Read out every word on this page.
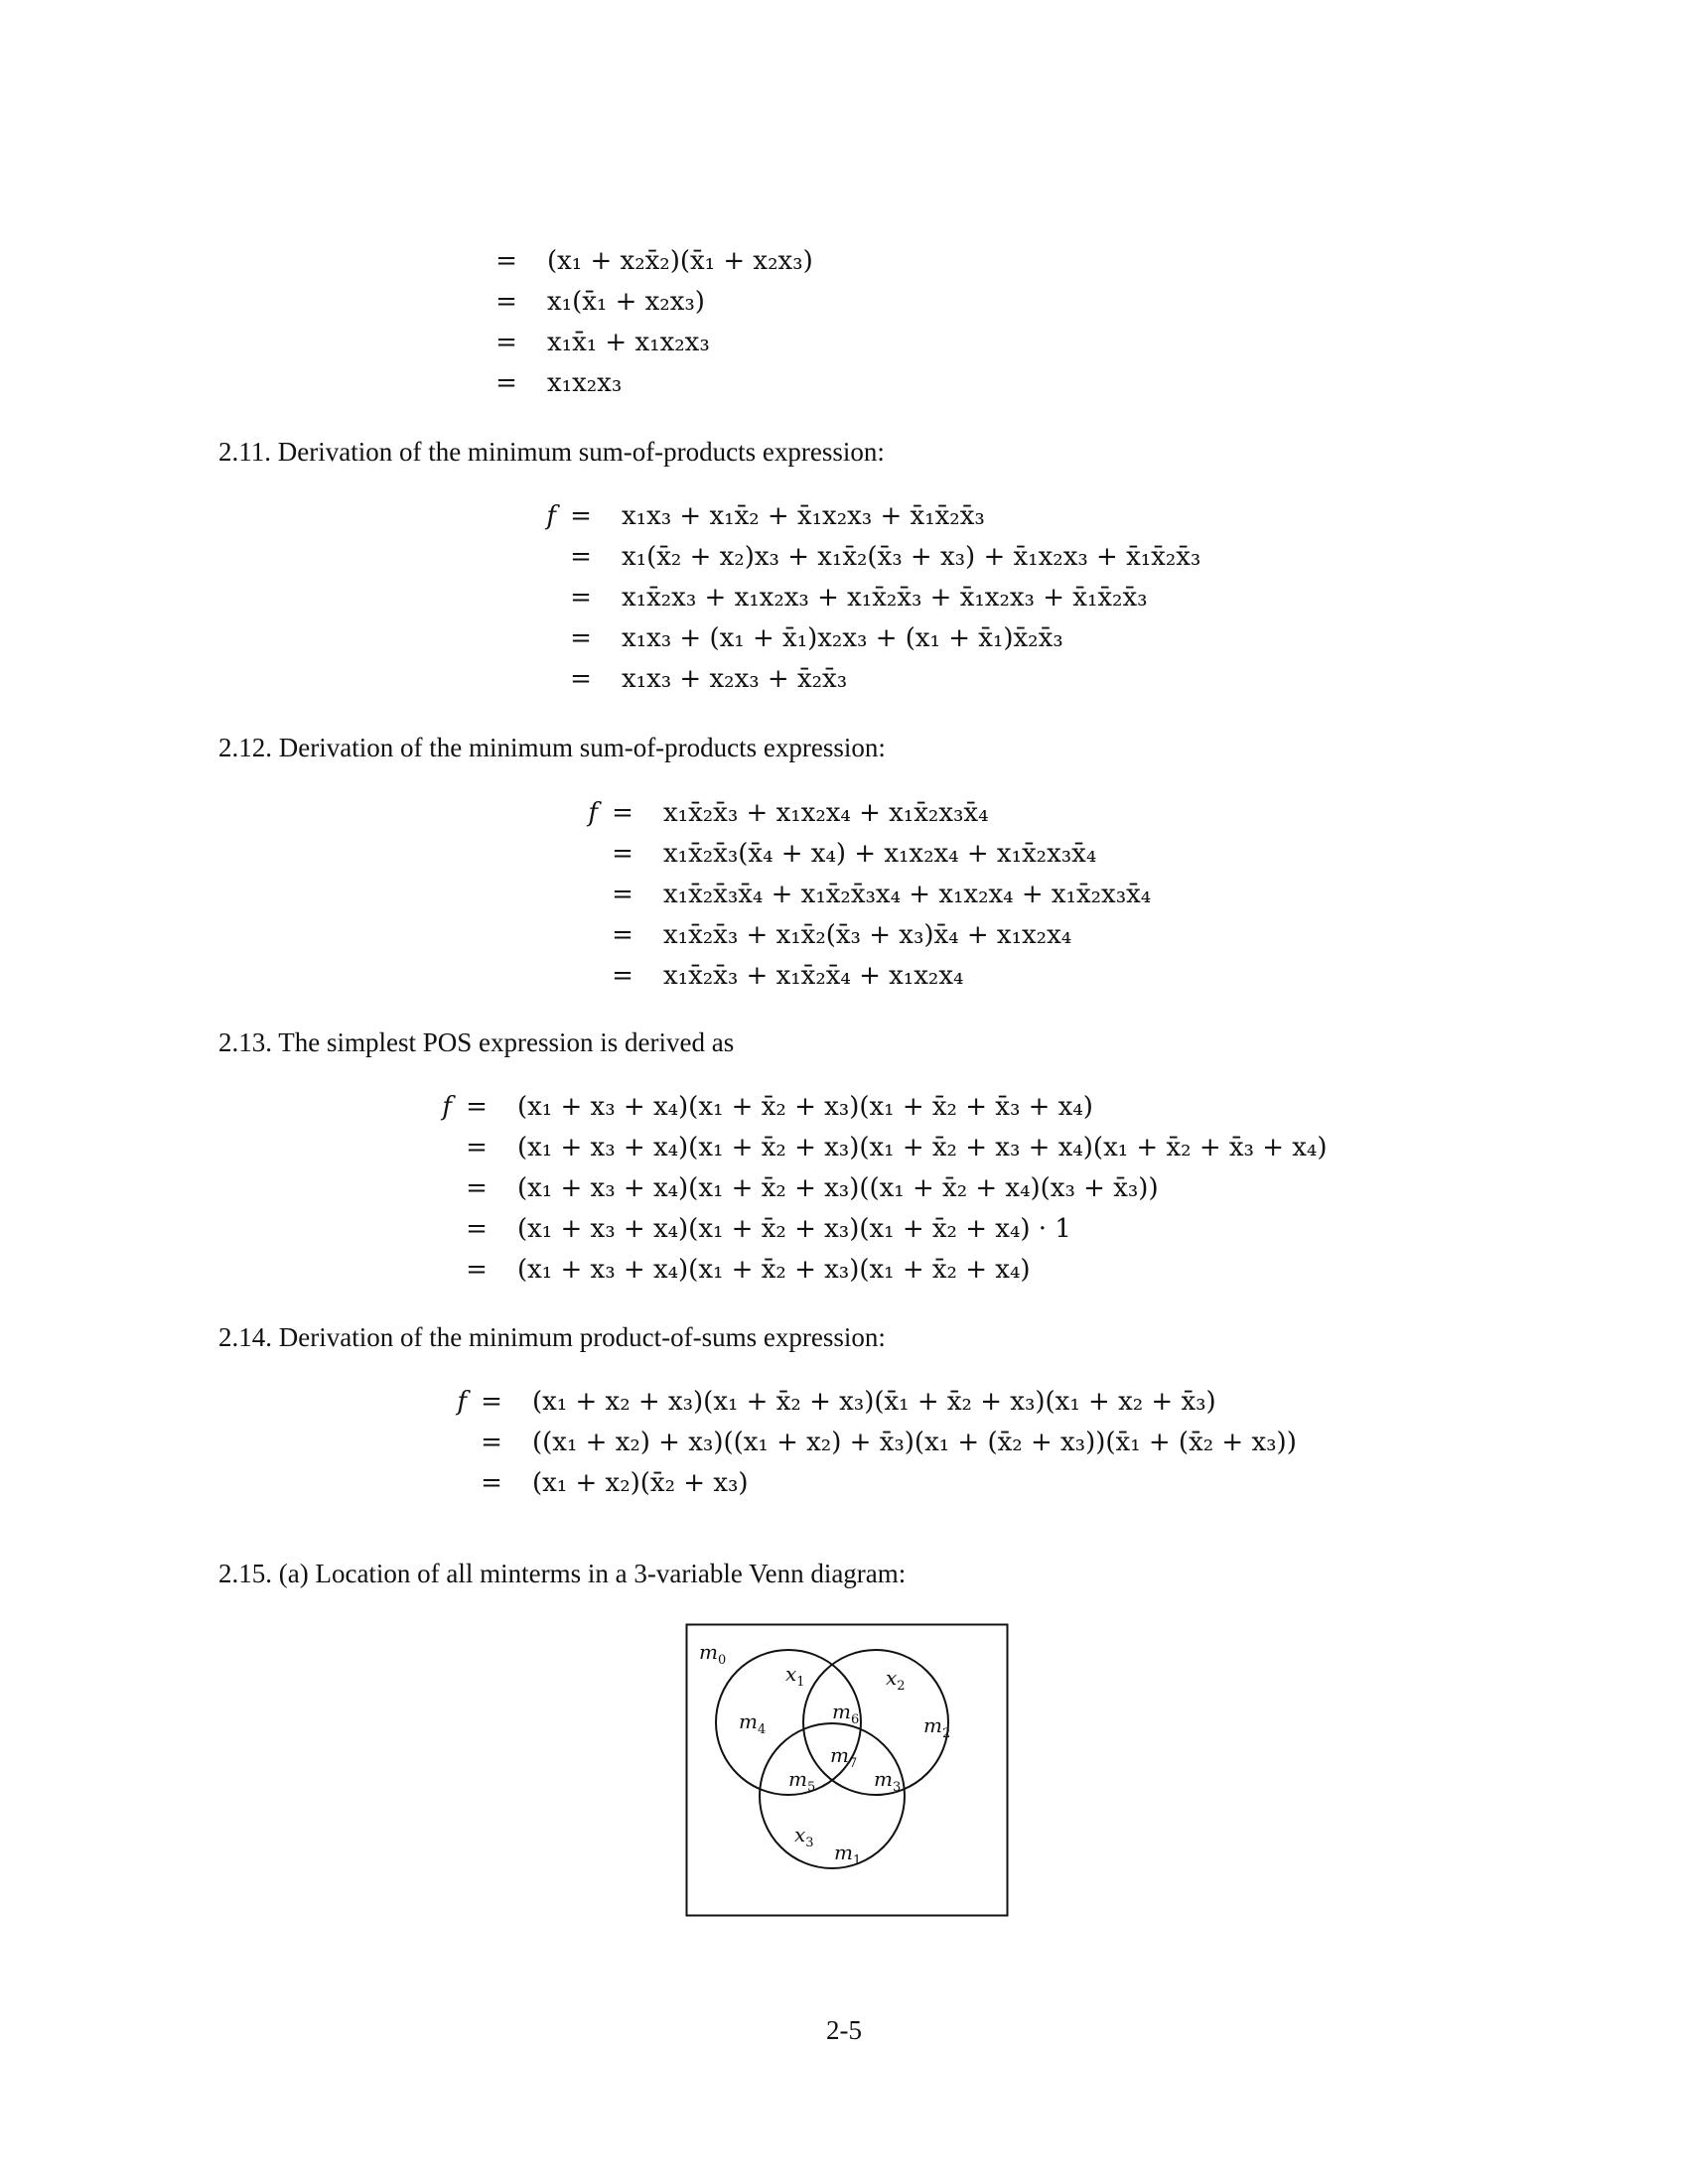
= (x₁ + x₂x̄₂)(x̄₁ + x₂x₃)
= x₁(x̄₁ + x₂x₃)
= x₁x̄₁ + x₁x₂x₃
= x₁x₂x₃
2.11. Derivation of the minimum sum-of-products expression:
f = x₁x₃ + x₁x̄₂ + x̄₁x₂x₃ + x̄₁x̄₂x̄₃
= x₁(x̄₂ + x₂)x₃ + x₁x̄₂(x̄₃ + x₃) + x̄₁x₂x₃ + x̄₁x̄₂x̄₃
= x₁x̄₂x₃ + x₁x₂x₃ + x₁x̄₂x̄₃ + x̄₁x₂x₃ + x̄₁x̄₂x̄₃
= x₁x₃ + (x₁ + x̄₁)x₂x₃ + (x₁ + x̄₁)x̄₂x̄₃
= x₁x₃ + x₂x₃ + x̄₂x̄₃
2.12. Derivation of the minimum sum-of-products expression:
f = x₁x̄₂x̄₃ + x₁x₂x₄ + x₁x̄₂x₃x̄₄
= x₁x̄₂x̄₃(x̄₄ + x₄) + x₁x₂x₄ + x₁x̄₂x₃x̄₄
= x₁x̄₂x̄₃x̄₄ + x₁x̄₂x̄₃x₄ + x₁x₂x₄ + x₁x̄₂x₃x̄₄
= x₁x̄₂x̄₃ + x₁x̄₂(x̄₃ + x₃)x̄₄ + x₁x₂x₄
= x₁x̄₂x̄₃ + x₁x̄₂x̄₄ + x₁x₂x₄
2.13. The simplest POS expression is derived as
f = (x₁ + x₃ + x₄)(x₁ + x̄₂ + x₃)(x₁ + x̄₂ + x̄₃ + x₄)
= (x₁ + x₃ + x₄)(x₁ + x̄₂ + x₃)(x₁ + x̄₂ + x₃ + x₄)(x₁ + x̄₂ + x̄₃ + x₄)
= (x₁ + x₃ + x₄)(x₁ + x̄₂ + x₃)((x₁ + x̄₂ + x₄)(x₃ + x̄₃))
= (x₁ + x₃ + x₄)(x₁ + x̄₂ + x₃)(x₁ + x̄₂ + x₄) · 1
= (x₁ + x₃ + x₄)(x₁ + x̄₂ + x₃)(x₁ + x̄₂ + x₄)
2.14. Derivation of the minimum product-of-sums expression:
f = (x₁ + x₂ + x₃)(x₁ + x̄₂ + x₃)(x̄₁ + x̄₂ + x₃)(x₁ + x₂ + x̄₃)
= ((x₁ + x₂) + x₃)((x₁ + x₂) + x̄₃)(x₁ + (x̄₂ + x₃))(x̄₁ + (x̄₂ + x₃))
= (x₁ + x₂)(x̄₂ + x₃)
2.15. (a) Location of all minterms in a 3-variable Venn diagram:
$m_0$
$x_1$	$x_2$
$m_6$
$m_4$	$m_2$
$m_7$
$m_5$	$m_3$
$x_3$ $m_1$
2-5
